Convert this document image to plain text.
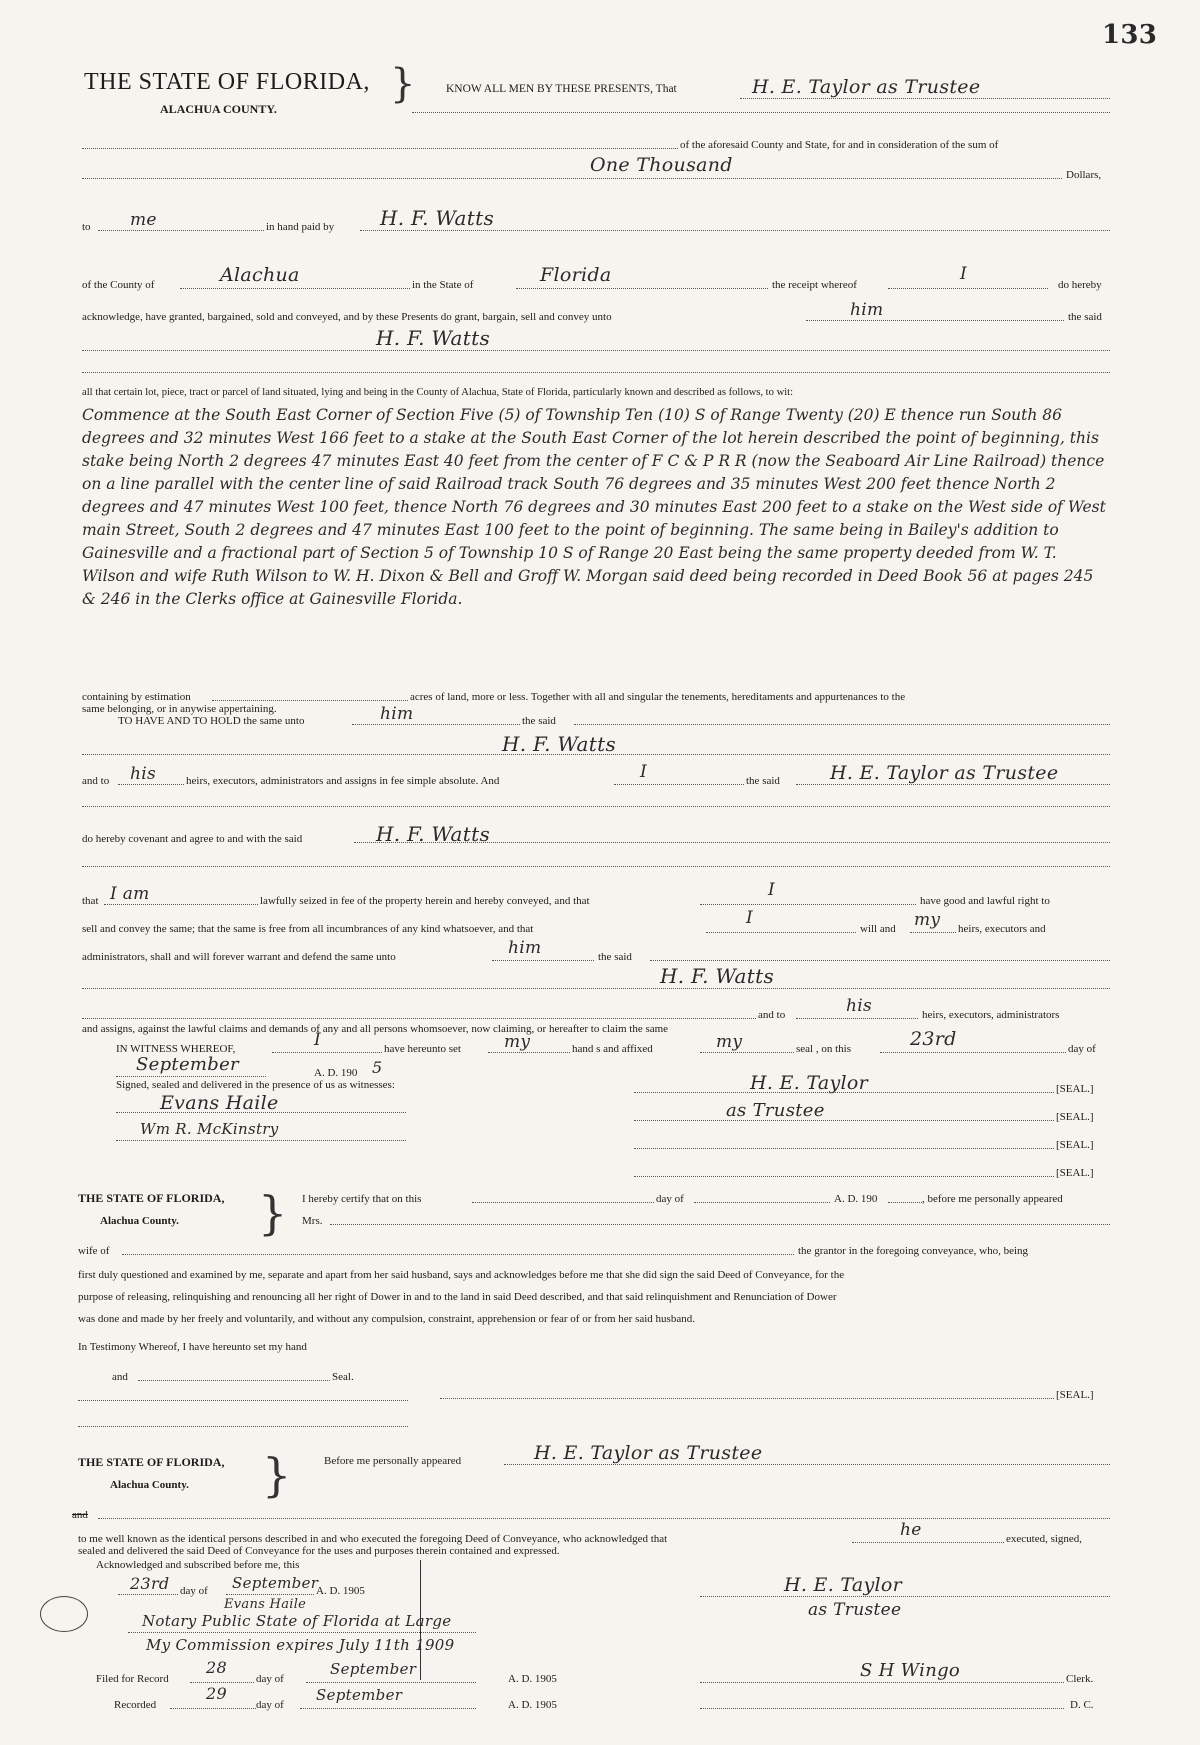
133
THE STATE OF FLORIDA, }
ALACHUA COUNTY.
KNOW ALL MEN BY THESE PRESENTS, That	H. E. Taylor as Trustee
of the aforesaid County and State, for and in consideration of the sum of
One Thousand	Dollars,
to me	in hand paid by H. F. Watts
of the County of	Alachua	in the State of	Florida	the receipt whereof
I
do hereby
acknowledge, have granted, bargained, sold and conveyed, and by these Presents do grant, bargain, sell and convey unto	him	the said
H. F. Watts
all that certain lot, piece, tract or parcel of land situated, lying and being in the County of Alachua, State of Florida, particularly known and described as follows, to wit:
Commence at the South East Corner of Section Five (5) of Township Ten (10) S of Range Twenty (20) E thence run South 86 degrees and 32 minutes West 166 feet to a stake at the South East Corner of the lot herein described the point of beginning, this stake being North 2 degrees 47 minutes East 40 feet from the center of F C & P R R (now the Seaboard Air Line Railroad) thence on a line parallel with the center line of said Railroad track South 76 degrees and 35 minutes West 200 feet thence North 2 degrees and 47 minutes West 100 feet, thence North 76 degrees and 30 minutes East 200 feet to a stake on the West side of West main Street, South 2 degrees and 47 minutes East 100 feet to the point of beginning. The same being in Bailey's addition to Gainesville and a fractional part of Section 5 of Township 10 S of Range 20 East being the same property deeded from W. T. Wilson and wife Ruth Wilson to W. H. Dixon & Bell and Groff W. Morgan said deed being recorded in Deed Book 56 at pages 245 & 246 in the Clerks office at Gainesville Florida.
containing by estimation	acres of land, more or less. Together with all and singular the tenements, hereditaments and appurtenances to the
same belonging, or in anywise appertaining.
TO HAVE AND TO HOLD the same unto	him	the said
H. F. Watts
and to his	heirs, executors, administrators and assigns in fee simple absolute. And	I	the said	H. E. Taylor as Trustee
do hereby covenant and agree to and with the said	H. F. Watts
that I am	lawfully seized in fee of the property herein and hereby conveyed, and that
I
have good and lawful right to
sell and convey the same; that the same is free from all incumbrances of any kind whatsoever, and that
I
will and my heirs, executors and
administrators, shall and will forever warrant and defend the same unto	him	the said
H. F. Watts
and to	his	heirs, executors, administrators
and assigns, against the lawful claims and demands of any and all persons whomsoever, now claiming, or hereafter to claim the same
IN WITNESS WHEREOF,	I	have hereunto set	my	hand s and affixed	my	seal , on this	23rd	day of
September	A. D. 190 5
Signed, sealed and delivered in the presence of us as witnesses:
Evans Haile
Wm R. McKinstry
H. E. Taylor	[SEAL.]
as Trustee	[SEAL.]
[SEAL.]
[SEAL.]
THE STATE OF FLORIDA, }
Alachua County.
I hereby certify that on this	day of	A. D. 190	, before me personally appeared
Mrs.
wife of	the grantor in the foregoing conveyance, who, being
first duly questioned and examined by me, separate and apart from her said husband, says and acknowledges before me that she did sign the said Deed of Conveyance, for the
purpose of releasing, relinquishing and renouncing all her right of Dower in and to the land in said Deed described, and that said relinquishment and Renunciation of Dower
was done and made by her freely and voluntarily, and without any compulsion, constraint, apprehension or fear of or from her said husband.
In Testimony Whereof, I have hereunto set my hand
and	Seal.
[SEAL.]
THE STATE OF FLORIDA, }
Alachua County.
Before me personally appeared	H. E. Taylor as Trustee
and
to me well known as the identical persons described in and who executed the foregoing Deed of Conveyance, who acknowledged that	he	executed, signed,
sealed and delivered the said Deed of Conveyance for the uses and purposes therein contained and expressed.
Acknowledged and subscribed before me, this
23rd day of September
A. D. 1905
Evans Haile
Notary Public State of Florida at Large
My Commission expires July 11th 1909
H. E. Taylor
as Trustee
Filed for Record
28
day of
September
A. D. 1905	S H Wingo	Clerk.
Recorded
29
day of
September
A. D. 1905	D. C.
